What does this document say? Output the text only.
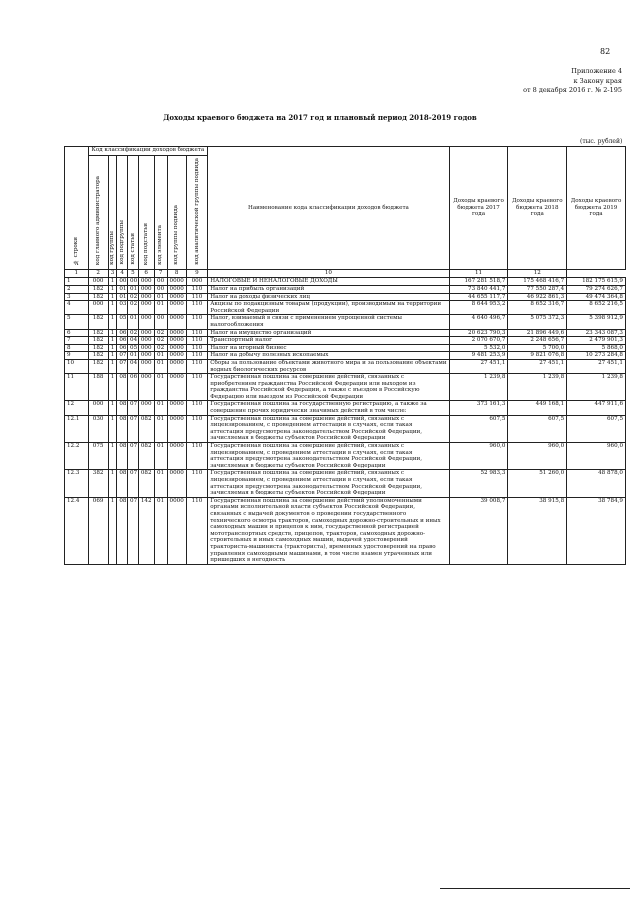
82
Приложение 4
к Закону края
от 8 декабря 2016 г. № 2-195
Доходы краевого бюджета на 2017 год и плановый период 2018-2019 годов
(тыс. рублей)
№ строки	Код классификации доходов бюджета								Наименование кода классификации доходов бюджета	Доходы краевого бюджета 2017 года	Доходы краевого бюджета 2018 года	Доходы краевого бюджета 2019 года
	код главного администратора	код группы	код подгруппы	код статьи	код подстатьи	код элемента	код группы подвида	код аналитической группы подвида				
1	2	3	4	5	6	7	8	9	10	11	12	
1	000	1	00	00	000	00	0000	000	НАЛОГОВЫЕ И НЕНАЛОГОВЫЕ ДОХОДЫ	167 281 518,7	175 468 416,7	182 175 615,9
2	182	1	01	01	000	00	0000	110	Налог на прибыль организаций	73 840 441,7	77 550 287,4	79 274 626,7
3	182	1	01	02	000	01	0000	110	Налог на доходы физических лиц	44 655 117,7	46 922 861,3	49 474 364,8
4	000	1	03	02	000	01	0000	110	Акцизы по подакцизным товарам (продукции), производимым на территории Российской Федерации	8 644 953,2	8 652 316,7	8 652 216,5
5	182	1	05	01	000	00	0000	110	Налог, взимаемый в связи с применением упрощенной системы налогообложения	4 640 496,7	5 075 372,3	5 398 912,9
6	182	1	06	02	000	02	0000	110	Налог на имущество организаций	20 623 790,3	21 896 449,6	23 343 087,3
7	182	1	06	04	000	02	0000	110	Транспортный налог	2 070 670,7	2 248 656,7	2 479 901,3
8	182	1	06	05	000	02	0000	110	Налог на игорный бизнес	5 532,0	5 700,0	5 868,0
9	182	1	07	01	000	01	0000	110	Налог на добычу полезных ископаемых	9 481 253,9	9 821 076,8	10 273 284,8
10	182	1	07	04	000	01	0000	110	Сборы за пользование объектами животного мира и за пользование объектами водных биологических ресурсов	27 451,1	27 451,1	27 451,1
11	188	1	08	06	000	01	0000	110	Государственная пошлина за совершение действий, связанных с приобретением гражданства Российской Федерации или выходом из гражданства Российской Федерации, а также с въездом в Российскую Федерацию или выездом из Российской Федерации	1 239,8	1 239,8	1 239,8
12	000	1	08	07	000	01	0000	110	Государственная пошлина за государственную регистрацию, а также за совершение прочих юридически значимых действий в том числе:	373 161,3	449 168,1	447 911,6
12.1	030	1	08	07	082	01	0000	110	Государственная пошлина за совершение действий, связанных с лицензированием, с проведением аттестации в случаях, если такая аттестация предусмотрена законодательством Российской Федерации, зачисляемая в бюджеты субъектов Российской Федерации	607,5	607,5	607,5
12.2	075	1	08	07	082	01	0000	110	Государственная пошлина за совершение действий, связанных с лицензированием, с проведением аттестации в случаях, если такая аттестация предусмотрена законодательством Российской Федерации, зачисляемая в бюджеты субъектов Российской Федерации	960,0	960,0	960,0
12.3	382	1	08	07	082	01	0000	110	Государственная пошлина за совершение действий, связанных с лицензированием, с проведением аттестации в случаях, если такая аттестация предусмотрена законодательством Российской Федерации, зачисляемая в бюджеты субъектов Российской Федерации	52 983,3	51 260,0	48 878,0
12.4	069	1	08	07	142	01	0000	110	Государственная пошлина за совершение действий уполномоченными органами исполнительной власти субъектов Российской Федерации, связанных с выдачей документов о проведении государственного технического осмотра тракторов, самоходных дорожно-строительных и иных самоходных машин и прицепов к ним, государственной регистрацией мототранспортных средств, прицепов, тракторов, самоходных дорожно-строительных и иных самоходных машин, выдачей удостоверений тракториста-машиниста (тракториста), временных удостоверений на право управления самоходными машинами, в том числе взамен утраченных или пришедших в негодность	39 008,7	38 915,8	38 784,9
